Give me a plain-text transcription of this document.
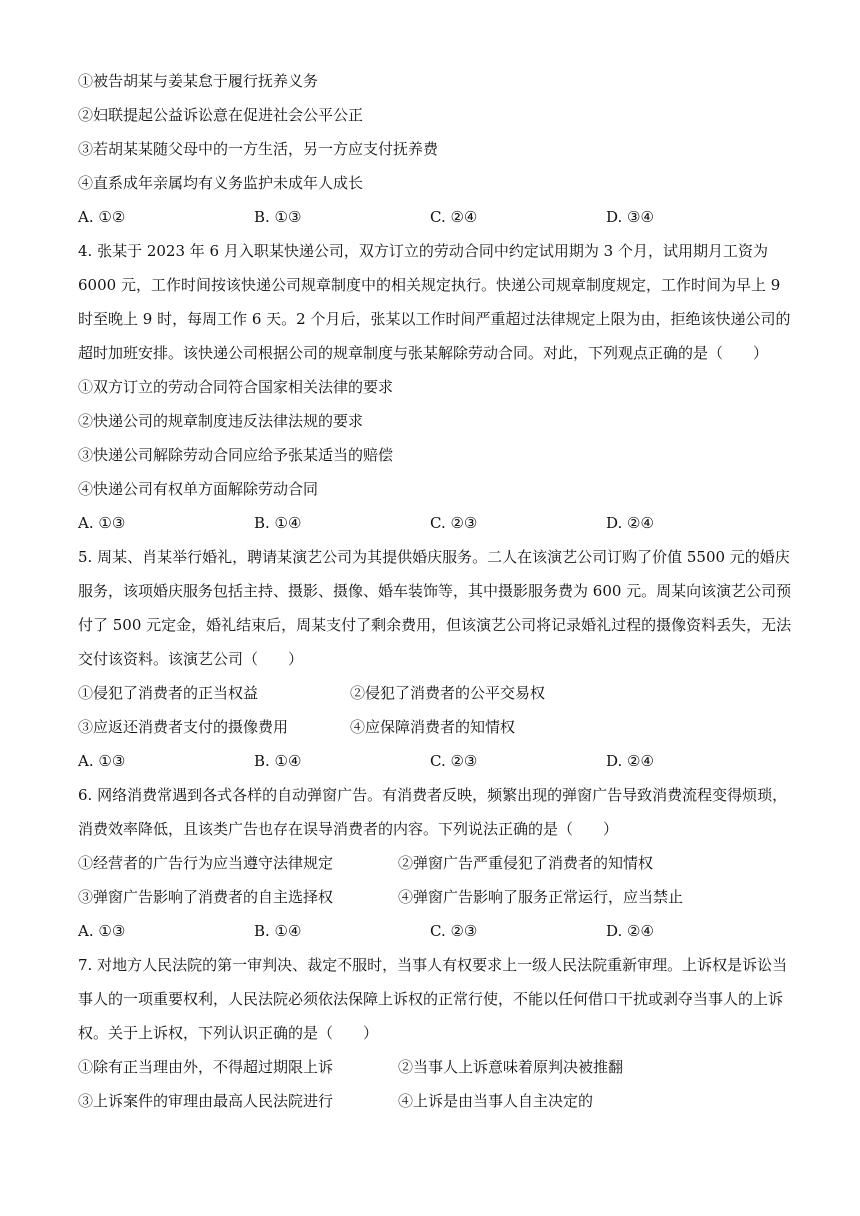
①被告胡某与姜某怠于履行抚养义务
②妇联提起公益诉讼意在促进社会公平公正
③若胡某某随父母中的一方生活，另一方应支付抚养费
④直系成年亲属均有义务监护未成年人成长
A. ①②	B. ①③	C. ②④	D. ③④
4. 张某于 2023 年 6 月入职某快递公司，双方订立的劳动合同中约定试用期为 3 个月，试用期月工资为 6000 元，工作时间按该快递公司规章制度中的相关规定执行。快递公司规章制度规定，工作时间为早上 9 时至晚上 9 时，每周工作 6 天。2 个月后，张某以工作时间严重超过法律规定上限为由，拒绝该快递公司的超时加班安排。该快递公司根据公司的规章制度与张某解除劳动合同。对此，下列观点正确的是（　　）
①双方订立的劳动合同符合国家相关法律的要求
②快递公司的规章制度违反法律法规的要求
③快递公司解除劳动合同应给予张某适当的赔偿
④快递公司有权单方面解除劳动合同
A. ①③	B. ①④	C. ②③	D. ②④
5. 周某、肖某举行婚礼，聘请某演艺公司为其提供婚庆服务。二人在该演艺公司订购了价值 5500 元的婚庆服务，该项婚庆服务包括主持、摄影、摄像、婚车装饰等，其中摄影服务费为 600 元。周某向该演艺公司预付了 500 元定金，婚礼结束后，周某支付了剩余费用，但该演艺公司将记录婚礼过程的摄像资料丢失，无法交付该资料。该演艺公司（　　）
①侵犯了消费者的正当权益	②侵犯了消费者的公平交易权
③应返还消费者支付的摄像费用	④应保障消费者的知情权
A. ①③	B. ①④	C. ②③	D. ②④
6. 网络消费常遇到各式各样的自动弹窗广告。有消费者反映，频繁出现的弹窗广告导致消费流程变得烦琐，消费效率降低，且该类广告也存在误导消费者的内容。下列说法正确的是（　　）
①经营者的广告行为应当遵守法律规定	②弹窗广告严重侵犯了消费者的知情权
③弹窗广告影响了消费者的自主选择权	④弹窗广告影响了服务正常运行，应当禁止
A. ①③	B. ①④	C. ②③	D. ②④
7. 对地方人民法院的第一审判决、裁定不服时，当事人有权要求上一级人民法院重新审理。上诉权是诉讼当事人的一项重要权利，人民法院必须依法保障上诉权的正常行使，不能以任何借口干扰或剥夺当事人的上诉权。关于上诉权，下列认识正确的是（　　）
①除有正当理由外，不得超过期限上诉	②当事人上诉意味着原判决被推翻
③上诉案件的审理由最高人民法院进行	④上诉是由当事人自主决定的
